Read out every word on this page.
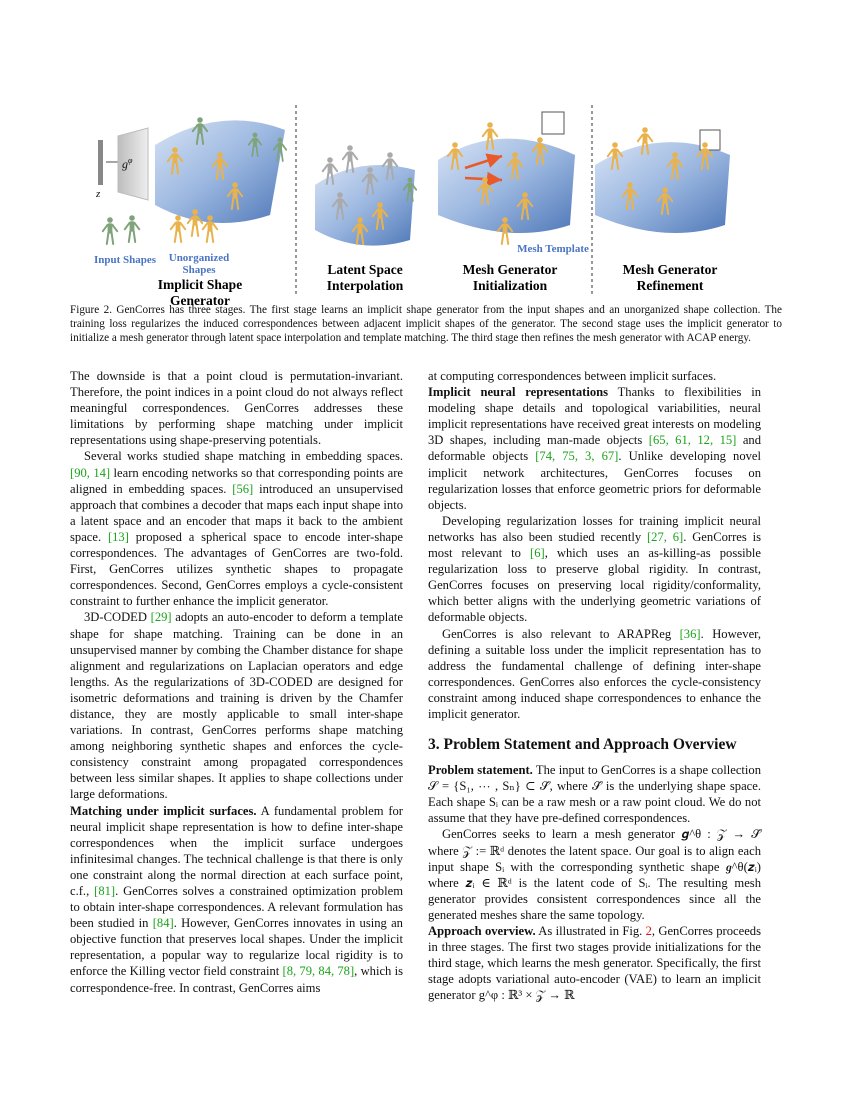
z
$g^\varphi$
Input Shapes	Unorganized Shapes
Mesh Template
Implicit Shape Generator
Latent Space Interpolation
Mesh Generator Initialization
Mesh Generator Refinement
Figure 2. GenCorres has three stages. The first stage learns an implicit shape generator from the input shapes and an unorganized shape collection. The training loss regularizes the induced correspondences between adjacent implicit shapes of the generator. The second stage uses the implicit generator to initialize a mesh generator through latent space interpolation and template matching. The third stage then refines the mesh generator with ACAP energy.

The downside is that a point cloud is permutation-invariant. Therefore, the point indices in a point cloud do not always reflect meaningful correspondences. GenCorres addresses these limitations by performing shape matching under implicit representations using shape-preserving potentials.

Several works studied shape matching in embedding spaces. [90, 14] learn encoding networks so that corresponding points are aligned in embedding spaces. [56] introduced an unsupervised approach that combines a decoder that maps each input shape into a latent space and an encoder that maps it back to the ambient space. [13] proposed a spherical space to encode inter-shape correspondences. The advantages of GenCorres are two-fold. First, GenCorres utilizes synthetic shapes to propagate correspondences. Second, GenCorres employs a cycle-consistent constraint to further enhance the implicit generator.

3D-CODED [29] adopts an auto-encoder to deform a template shape for shape matching. Training can be done in an unsupervised manner by combing the Chamber distance for shape alignment and regularizations on Laplacian operators and edge lengths. As the regularizations of 3D-CODED are designed for isometric deformations and training is driven by the Chamfer distance, they are mostly applicable to small inter-shape variations. In contrast, GenCorres performs shape matching among neighboring synthetic shapes and enforces the cycle-consistency constraint among propagated correspondences between less similar shapes. It applies to shape collections under large deformations.

Matching under implicit surfaces. A fundamental problem for neural implicit shape representation is how to define inter-shape correspondences when the implicit surface undergoes infinitesimal changes. The technical challenge is that there is only one constraint along the normal direction at each surface point, c.f., [81]. GenCorres solves a constrained optimization problem to obtain inter-shape correspondences. A relevant formulation has been studied in [84]. However, GenCorres innovates in using an objective function that preserves local shapes. Under the implicit representation, a popular way to regularize local rigidity is to enforce the Killing vector field constraint [8, 79, 84, 78], which is correspondence-free. In contrast, GenCorres aims

at computing correspondences between implicit surfaces.

Implicit neural representations Thanks to flexibilities in modeling shape details and topological variabilities, neural implicit representations have received great interests on modeling 3D shapes, including man-made objects [65, 61, 12, 15] and deformable objects [74, 75, 3, 67]. Unlike developing novel implicit network architectures, GenCorres focuses on regularization losses that enforce geometric priors for deformable objects.

Developing regularization losses for training implicit neural networks has also been studied recently [27, 6]. GenCorres is most relevant to [6], which uses an as-killing-as possible regularization loss to preserve global rigidity. In contrast, GenCorres focuses on preserving local rigidity/conformality, which better aligns with the underlying geometric variations of deformable objects.

GenCorres is also relevant to ARAPReg [36]. However, defining a suitable loss under the implicit representation has to address the fundamental challenge of defining inter-shape correspondences. GenCorres also enforces the cycle-consistency constraint among induced shape correspondences to enhance the implicit generator.

3. Problem Statement and Approach Overview

Problem statement. The input to GenCorres is a shape collection 𝒮 = {S₁, ⋯ , Sₙ} ⊂ 𝒮̄, where 𝒮̄ is the underlying shape space. Each shape Sᵢ can be a raw mesh or a raw point cloud. We do not assume that they have pre-defined correspondences.

GenCorres seeks to learn a mesh generator 𝒈^θ : 𝒵 → 𝒮̄ where 𝒵 := ℝᵈ denotes the latent space. Our goal is to align each input shape Sᵢ with the corresponding synthetic shape 𝒈^θ(𝒛ᵢ) where 𝒛ᵢ ∈ ℝᵈ is the latent code of Sᵢ. The resulting mesh generator provides consistent correspondences since all the generated meshes share the same topology.

Approach overview. As illustrated in Fig. 2, GenCorres proceeds in three stages. The first two stages provide initializations for the third stage, which learns the mesh generator. Specifically, the first stage adopts variational auto-encoder (VAE) to learn an implicit generator g^φ : ℝ³ × 𝒵 → ℝ
